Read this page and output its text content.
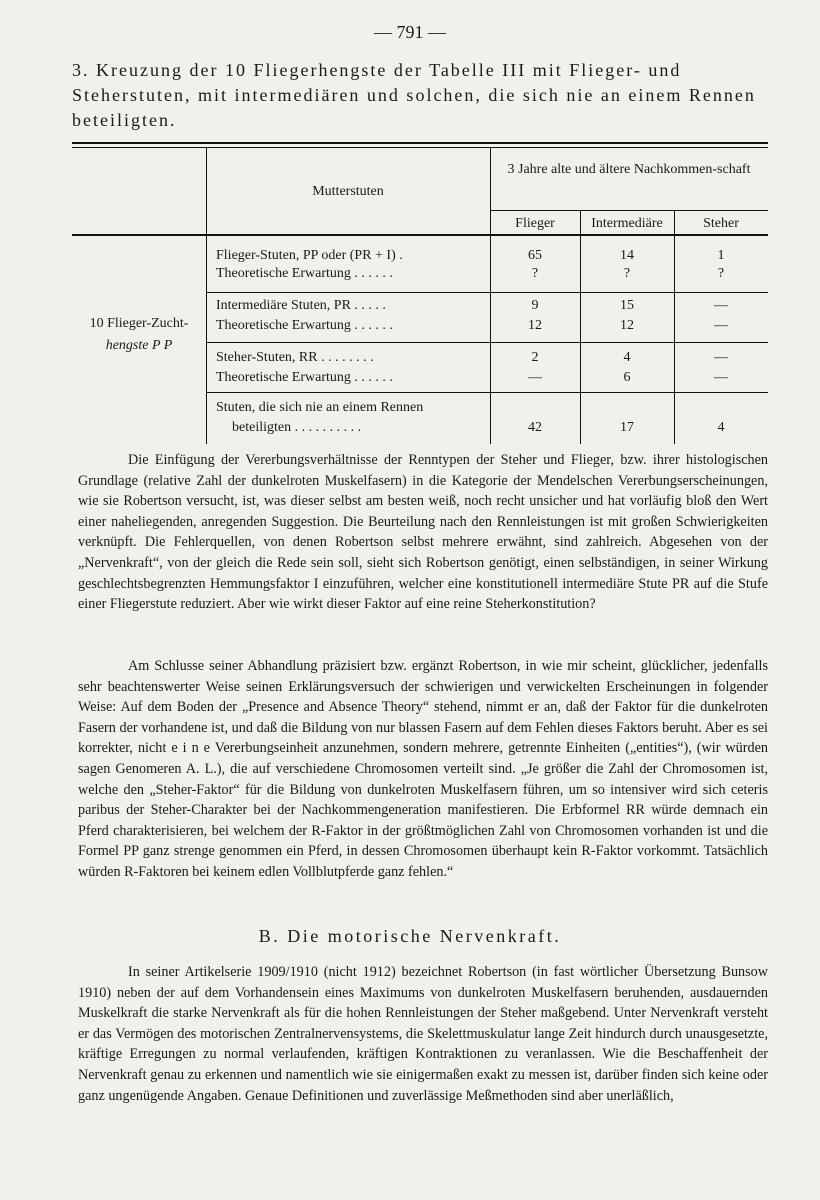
— 791 —
3. Kreuzung der 10 Fliegerhengste der Tabelle III mit Flieger- und Steherstuten, mit intermediären und solchen, die sich nie an einem Rennen beteiligten.
Mutterstuten
3 Jahre alte und ältere Nachkommen-schaft
Flieger	Intermediäre	Steher
10 Flieger-Zucht-
hengste P P
Flieger-Stuten, PP oder (PR + I) .	65	14	1
Theoretische Erwartung . . . . . .	?	?	?
Intermediäre Stuten, PR . . . . .	9	15	—
Theoretische Erwartung . . . . . .	12	12	—
Steher-Stuten, RR . . . . . . . .	2	4	—
Theoretische Erwartung . . . . . .	—	6	—
Stuten, die sich nie an einem Rennen
beteiligten . . . . . . . . . .	42	17	4

Die Einfügung der Vererbungsverhältnisse der Renntypen der Steher und Flieger, bzw. ihrer histologischen Grundlage (relative Zahl der dunkelroten Muskelfasern) in die Kategorie der Mendelschen Vererbungserscheinungen, wie sie Robertson versucht, ist, was dieser selbst am besten weiß, noch recht unsicher und hat vorläufig bloß den Wert einer naheliegenden, anregenden Suggestion. Die Beurteilung nach den Rennleistungen ist mit großen Schwierigkeiten verknüpft. Die Fehlerquellen, von denen Robertson selbst mehrere erwähnt, sind zahlreich. Abgesehen von der „Nervenkraft“, von der gleich die Rede sein soll, sieht sich Robertson genötigt, einen selbständigen, in seiner Wirkung geschlechtsbegrenzten Hemmungsfaktor I einzuführen, welcher eine konstitutionell intermediäre Stute PR auf die Stufe einer Fliegerstute reduziert. Aber wie wirkt dieser Faktor auf eine reine Steherkonstitution?

Am Schlusse seiner Abhandlung präzisiert bzw. ergänzt Robertson, in wie mir scheint, glücklicher, jedenfalls sehr beachtenswerter Weise seinen Erklärungsversuch der schwierigen und verwickelten Erscheinungen in folgender Weise: Auf dem Boden der „Presence and Absence Theory“ stehend, nimmt er an, daß der Faktor für die dunkelroten Fasern der vorhandene ist, und daß die Bildung von nur blassen Fasern auf dem Fehlen dieses Faktors beruht. Aber es sei korrekter, nicht e i n e Vererbungseinheit anzunehmen, sondern mehrere, getrennte Einheiten („entities“), (wir würden sagen Genomeren A. L.), die auf verschiedene Chromosomen verteilt sind. „Je größer die Zahl der Chromosomen ist, welche den „Steher-Faktor“ für die Bildung von dunkelroten Muskelfasern führen, um so intensiver wird sich ceteris paribus der Steher-Charakter bei der Nachkommengeneration manifestieren. Die Erbformel RR würde demnach ein Pferd charakterisieren, bei welchem der R-Faktor in der größtmöglichen Zahl von Chromosomen vorhanden ist und die Formel PP ganz strenge genommen ein Pferd, in dessen Chromosomen überhaupt kein R-Faktor vorkommt. Tatsächlich würden R-Faktoren bei keinem edlen Vollblutpferde ganz fehlen.“

B. Die motorische Nervenkraft.

In seiner Artikelserie 1909/1910 (nicht 1912) bezeichnet Robertson (in fast wörtlicher Übersetzung Bunsow 1910) neben der auf dem Vorhandensein eines Maximums von dunkelroten Muskelfasern beruhenden, ausdauernden Muskelkraft die starke Nervenkraft als für die hohen Rennleistungen der Steher maßgebend. Unter Nervenkraft versteht er das Vermögen des motorischen Zentralnervensystems, die Skelettmuskulatur lange Zeit hindurch durch unausgesetzte, kräftige Erregungen zu normal verlaufenden, kräftigen Kontraktionen zu veranlassen. Wie die Beschaffenheit der Nervenkraft genau zu erkennen und namentlich wie sie einigermaßen exakt zu messen ist, darüber finden sich keine oder ganz ungenügende Angaben. Genaue Definitionen und zuverlässige Meßmethoden sind aber unerläßlich,
